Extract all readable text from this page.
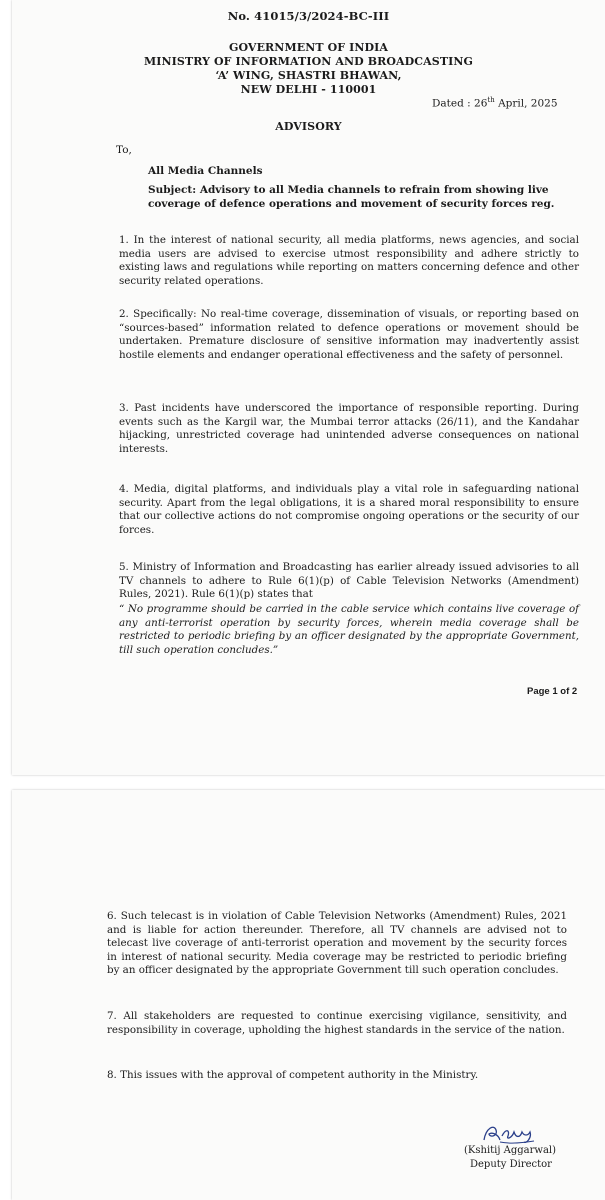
No. 41015/3/2024-BC-III
GOVERNMENT OF INDIA
MINISTRY OF INFORMATION AND BROADCASTING
‘A’ WING, SHASTRI BHAWAN,
NEW DELHI - 110001
Dated : 26th April, 2025
ADVISORY
To,
All Media Channels
Subject: Advisory to all Media channels to refrain from showing live coverage of defence operations and movement of security forces reg.
1. In the interest of national security, all media platforms, news agencies, and social media users are advised to exercise utmost responsibility and adhere strictly to existing laws and regulations while reporting on matters concerning defence and other security related operations.
2. Specifically: No real-time coverage, dissemination of visuals, or reporting based on “sources-based” information related to defence operations or movement should be undertaken. Premature disclosure of sensitive information may inadvertently assist hostile elements and endanger operational effectiveness and the safety of personnel.
3. Past incidents have underscored the importance of responsible reporting. During events such as the Kargil war, the Mumbai terror attacks (26/11), and the Kandahar hijacking, unrestricted coverage had unintended adverse consequences on national interests.
4. Media, digital platforms, and individuals play a vital role in safeguarding national security. Apart from the legal obligations, it is a shared moral responsibility to ensure that our collective actions do not compromise ongoing operations or the security of our forces.
5. Ministry of Information and Broadcasting has earlier already issued advisories to all TV channels to adhere to Rule 6(1)(p) of Cable Television Networks (Amendment) Rules, 2021). Rule 6(1)(p) states that
“ No programme should be carried in the cable service which contains live coverage of any anti-terrorist operation by security forces, wherein media coverage shall be restricted to periodic briefing by an officer designated by the appropriate Government, till such operation concludes.”
Page 1 of 2
6. Such telecast is in violation of Cable Television Networks (Amendment) Rules, 2021 and is liable for action thereunder. Therefore, all TV channels are advised not to telecast live coverage of anti-terrorist operation and movement by the security forces in interest of national security. Media coverage may be restricted to periodic briefing by an officer designated by the appropriate Government till such operation concludes.
7. All stakeholders are requested to continue exercising vigilance, sensitivity, and responsibility in coverage, upholding the highest standards in the service of the nation.
8. This issues with the approval of competent authority in the Ministry.
(Kshitij Aggarwal)
Deputy Director
